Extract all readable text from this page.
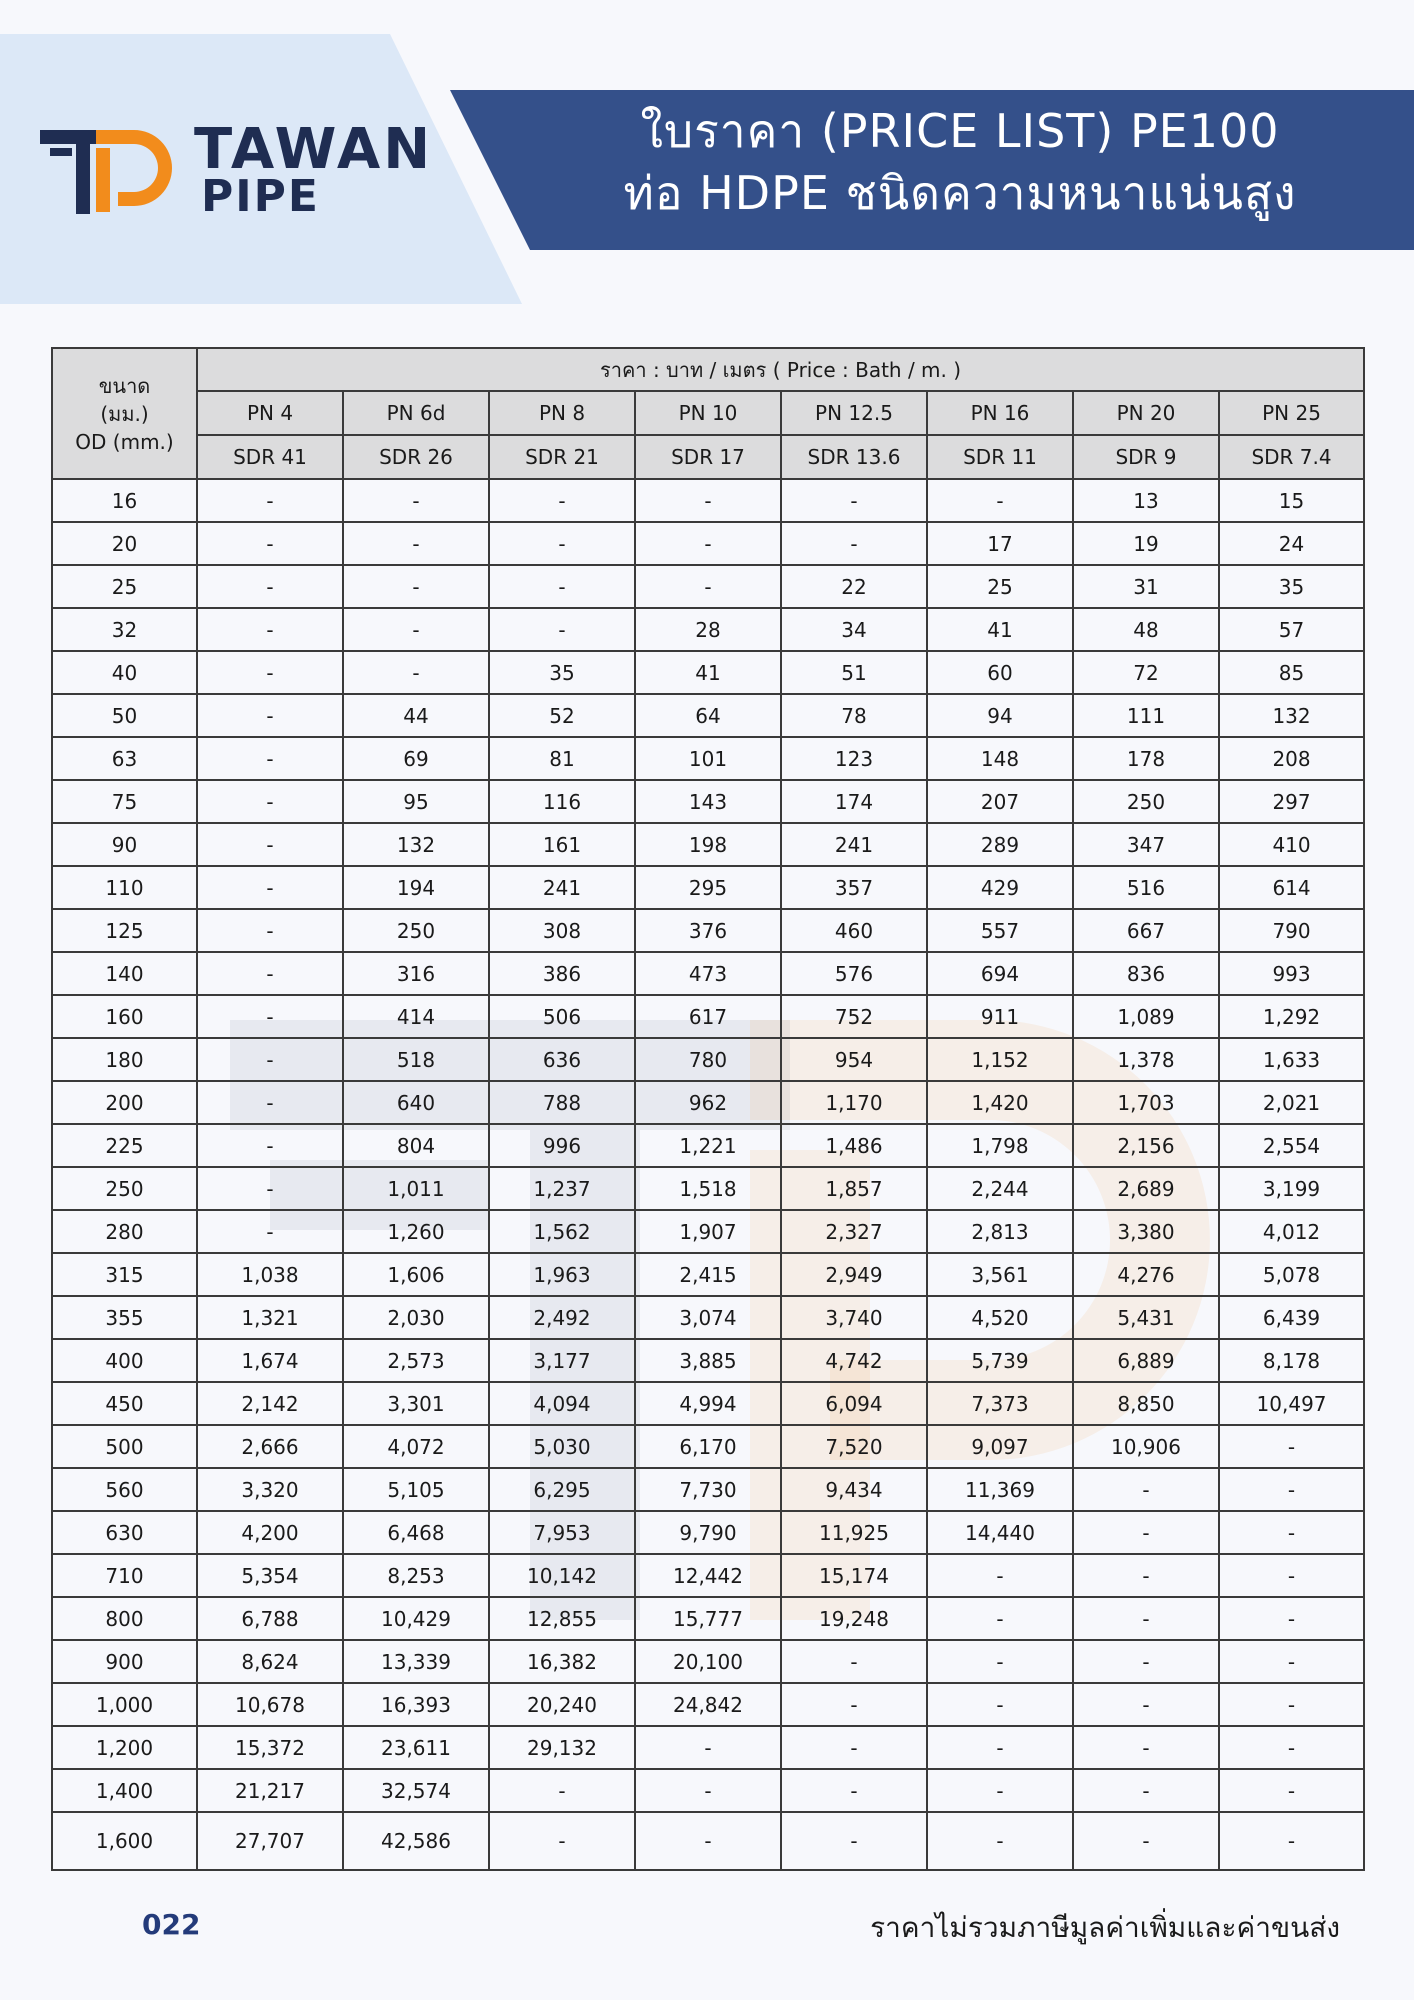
TAWAN
PIPE
ใบราคา (PRICE LIST) PE100
ท่อ HDPE ชนิดความหนาแน่นสูง
ขนาด
(มม.)
OD (mm.)	ราคา : บาท / เมตร ( Price : Bath / m. )							
	PN 4	PN 6d	PN 8	PN 10	PN 12.5	PN 16	PN 20	PN 25
	SDR 41	SDR 26	SDR 21	SDR 17	SDR 13.6	SDR 11	SDR 9	SDR 7.4
16	-	-	-	-	-	-	13	15
20	-	-	-	-	-	17	19	24
25	-	-	-	-	22	25	31	35
32	-	-	-	28	34	41	48	57
40	-	-	35	41	51	60	72	85
50	-	44	52	64	78	94	111	132
63	-	69	81	101	123	148	178	208
75	-	95	116	143	174	207	250	297
90	-	132	161	198	241	289	347	410
110	-	194	241	295	357	429	516	614
125	-	250	308	376	460	557	667	790
140	-	316	386	473	576	694	836	993
160	-	414	506	617	752	911	1,089	1,292
180	-	518	636	780	954	1,152	1,378	1,633
200	-	640	788	962	1,170	1,420	1,703	2,021
225	-	804	996	1,221	1,486	1,798	2,156	2,554
250	-	1,011	1,237	1,518	1,857	2,244	2,689	3,199
280	-	1,260	1,562	1,907	2,327	2,813	3,380	4,012
315	1,038	1,606	1,963	2,415	2,949	3,561	4,276	5,078
355	1,321	2,030	2,492	3,074	3,740	4,520	5,431	6,439
400	1,674	2,573	3,177	3,885	4,742	5,739	6,889	8,178
450	2,142	3,301	4,094	4,994	6,094	7,373	8,850	10,497
500	2,666	4,072	5,030	6,170	7,520	9,097	10,906	-
560	3,320	5,105	6,295	7,730	9,434	11,369	-	-
630	4,200	6,468	7,953	9,790	11,925	14,440	-	-
710	5,354	8,253	10,142	12,442	15,174	-	-	-
800	6,788	10,429	12,855	15,777	19,248	-	-	-
900	8,624	13,339	16,382	20,100	-	-	-	-
1,000	10,678	16,393	20,240	24,842	-	-	-	-
1,200	15,372	23,611	29,132	-	-	-	-	-
1,400	21,217	32,574	-	-	-	-	-	-
1,600	27,707	42,586	-	-	-	-	-	-
022	ราคาไม่รวมภาษีมูลค่าเพิ่มและค่าขนส่ง
